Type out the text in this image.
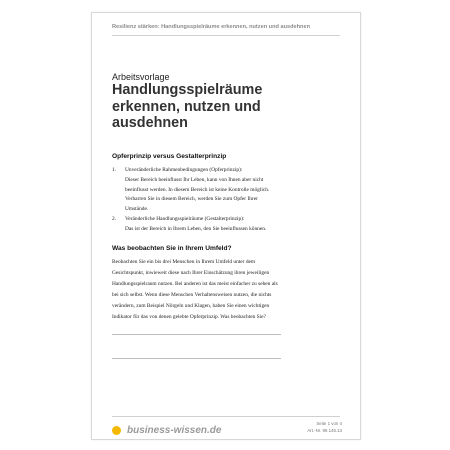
Resilienz stärken: Handlungsspielräume erkennen, nutzen und ausdehnen
Arbeitsvorlage
Handlungsspielräume
erkennen, nutzen und
ausdehnen
Opferprinzip versus Gestalterprinzip
1. Unveränderliche Rahmenbedingungen (Opferprinzip):
Dieser Bereich beeinflusst Ihr Leben, kann von Ihnen aber nicht
beeinflusst werden. In diesem Bereich ist keine Kontrolle möglich.
Verharren Sie in diesem Bereich, werden Sie zum Opfer Ihrer
Umstände.
2. Veränderliche Handlungsspielräume (Gestalterprinzip):
Das ist der Bereich in Ihrem Leben, den Sie beeinflussen können.
Was beobachten Sie in Ihrem Umfeld?
Beobachten Sie ein bis drei Menschen in Ihrem Umfeld unter dem
Gesichtspunkt, inwieweit diese nach Ihrer Einschätzung ihren jeweiligen
Handlungsspielraum nutzen. Bei anderen ist das meist einfacher zu sehen als
bei sich selbst. Wenn diese Menschen Verhaltensweisen nutzen, die nichts
verändern, zum Beispiel Nörgeln und Klagen, haben Sie einen wichtigen
Indikator für das von denen gelebte Opferprinzip. Was beobachten Sie?
business-wissen.de
Seite 1 von 4
Art.-Nr. 99.145.13
